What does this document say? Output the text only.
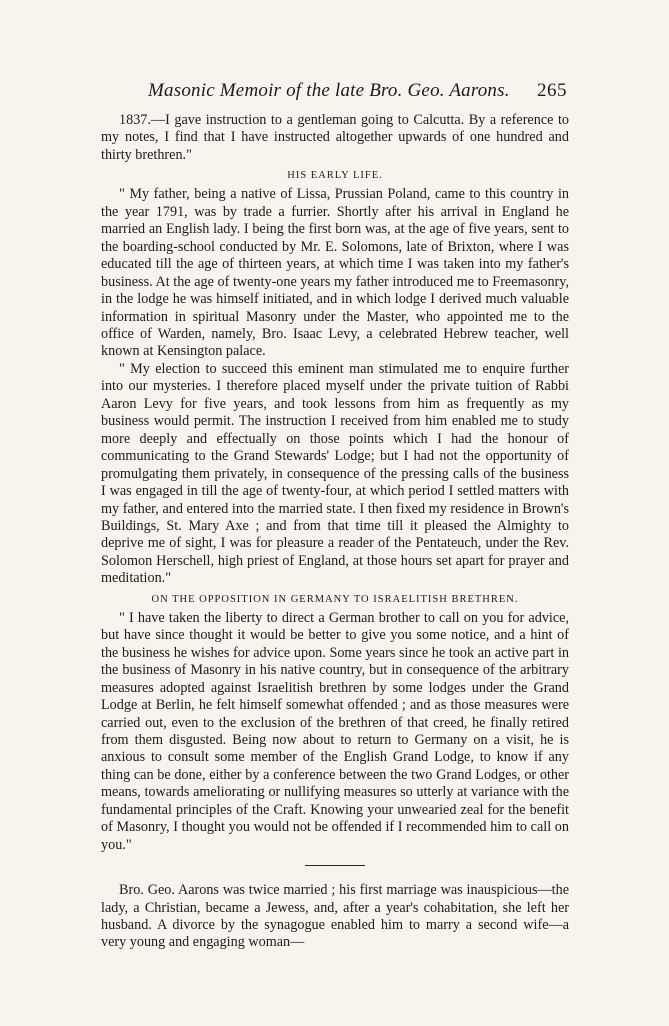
Masonic Memoir of the late Bro. Geo. Aarons. 265

1837.—I gave instruction to a gentleman going to Calcutta. By a reference to my notes, I find that I have instructed altogether upwards of one hundred and thirty brethren."

HIS EARLY LIFE.

" My father, being a native of Lissa, Prussian Poland, came to this country in the year 1791, was by trade a furrier. Shortly after his arrival in England he married an English lady. I being the first born was, at the age of five years, sent to the boarding-school conducted by Mr. E. Solomons, late of Brixton, where I was educated till the age of thirteen years, at which time I was taken into my father's business. At the age of twenty-one years my father introduced me to Freemasonry, in the lodge he was himself initiated, and in which lodge I derived much valuable information in spiritual Masonry under the Master, who appointed me to the office of Warden, namely, Bro. Isaac Levy, a celebrated Hebrew teacher, well known at Kensington palace.

" My election to succeed this eminent man stimulated me to enquire further into our mysteries. I therefore placed myself under the private tuition of Rabbi Aaron Levy for five years, and took lessons from him as frequently as my business would permit. The instruction I received from him enabled me to study more deeply and effectually on those points which I had the honour of communicating to the Grand Stewards' Lodge; but I had not the opportunity of promulgating them privately, in consequence of the pressing calls of the business I was engaged in till the age of twenty-four, at which period I settled matters with my father, and entered into the married state. I then fixed my residence in Brown's Buildings, St. Mary Axe ; and from that time till it pleased the Almighty to deprive me of sight, I was for pleasure a reader of the Pentateuch, under the Rev. Solomon Herschell, high priest of England, at those hours set apart for prayer and meditation."

ON THE OPPOSITION IN GERMANY TO ISRAELITISH BRETHREN.

" I have taken the liberty to direct a German brother to call on you for advice, but have since thought it would be better to give you some notice, and a hint of the business he wishes for advice upon. Some years since he took an active part in the business of Masonry in his native country, but in consequence of the arbitrary measures adopted against Israelitish brethren by some lodges under the Grand Lodge at Berlin, he felt himself somewhat offended ; and as those measures were carried out, even to the exclusion of the brethren of that creed, he finally retired from them disgusted. Being now about to return to Germany on a visit, he is anxious to consult some member of the English Grand Lodge, to know if any thing can be done, either by a conference between the two Grand Lodges, or other means, towards ameliorating or nullifying measures so utterly at variance with the fundamental principles of the Craft. Knowing your unwearied zeal for the benefit of Masonry, I thought you would not be offended if I recommended him to call on you."

Bro. Geo. Aarons was twice married ; his first marriage was inauspicious—the lady, a Christian, became a Jewess, and, after a year's cohabitation, she left her husband. A divorce by the synagogue enabled him to marry a second wife—a very young and engaging woman—
